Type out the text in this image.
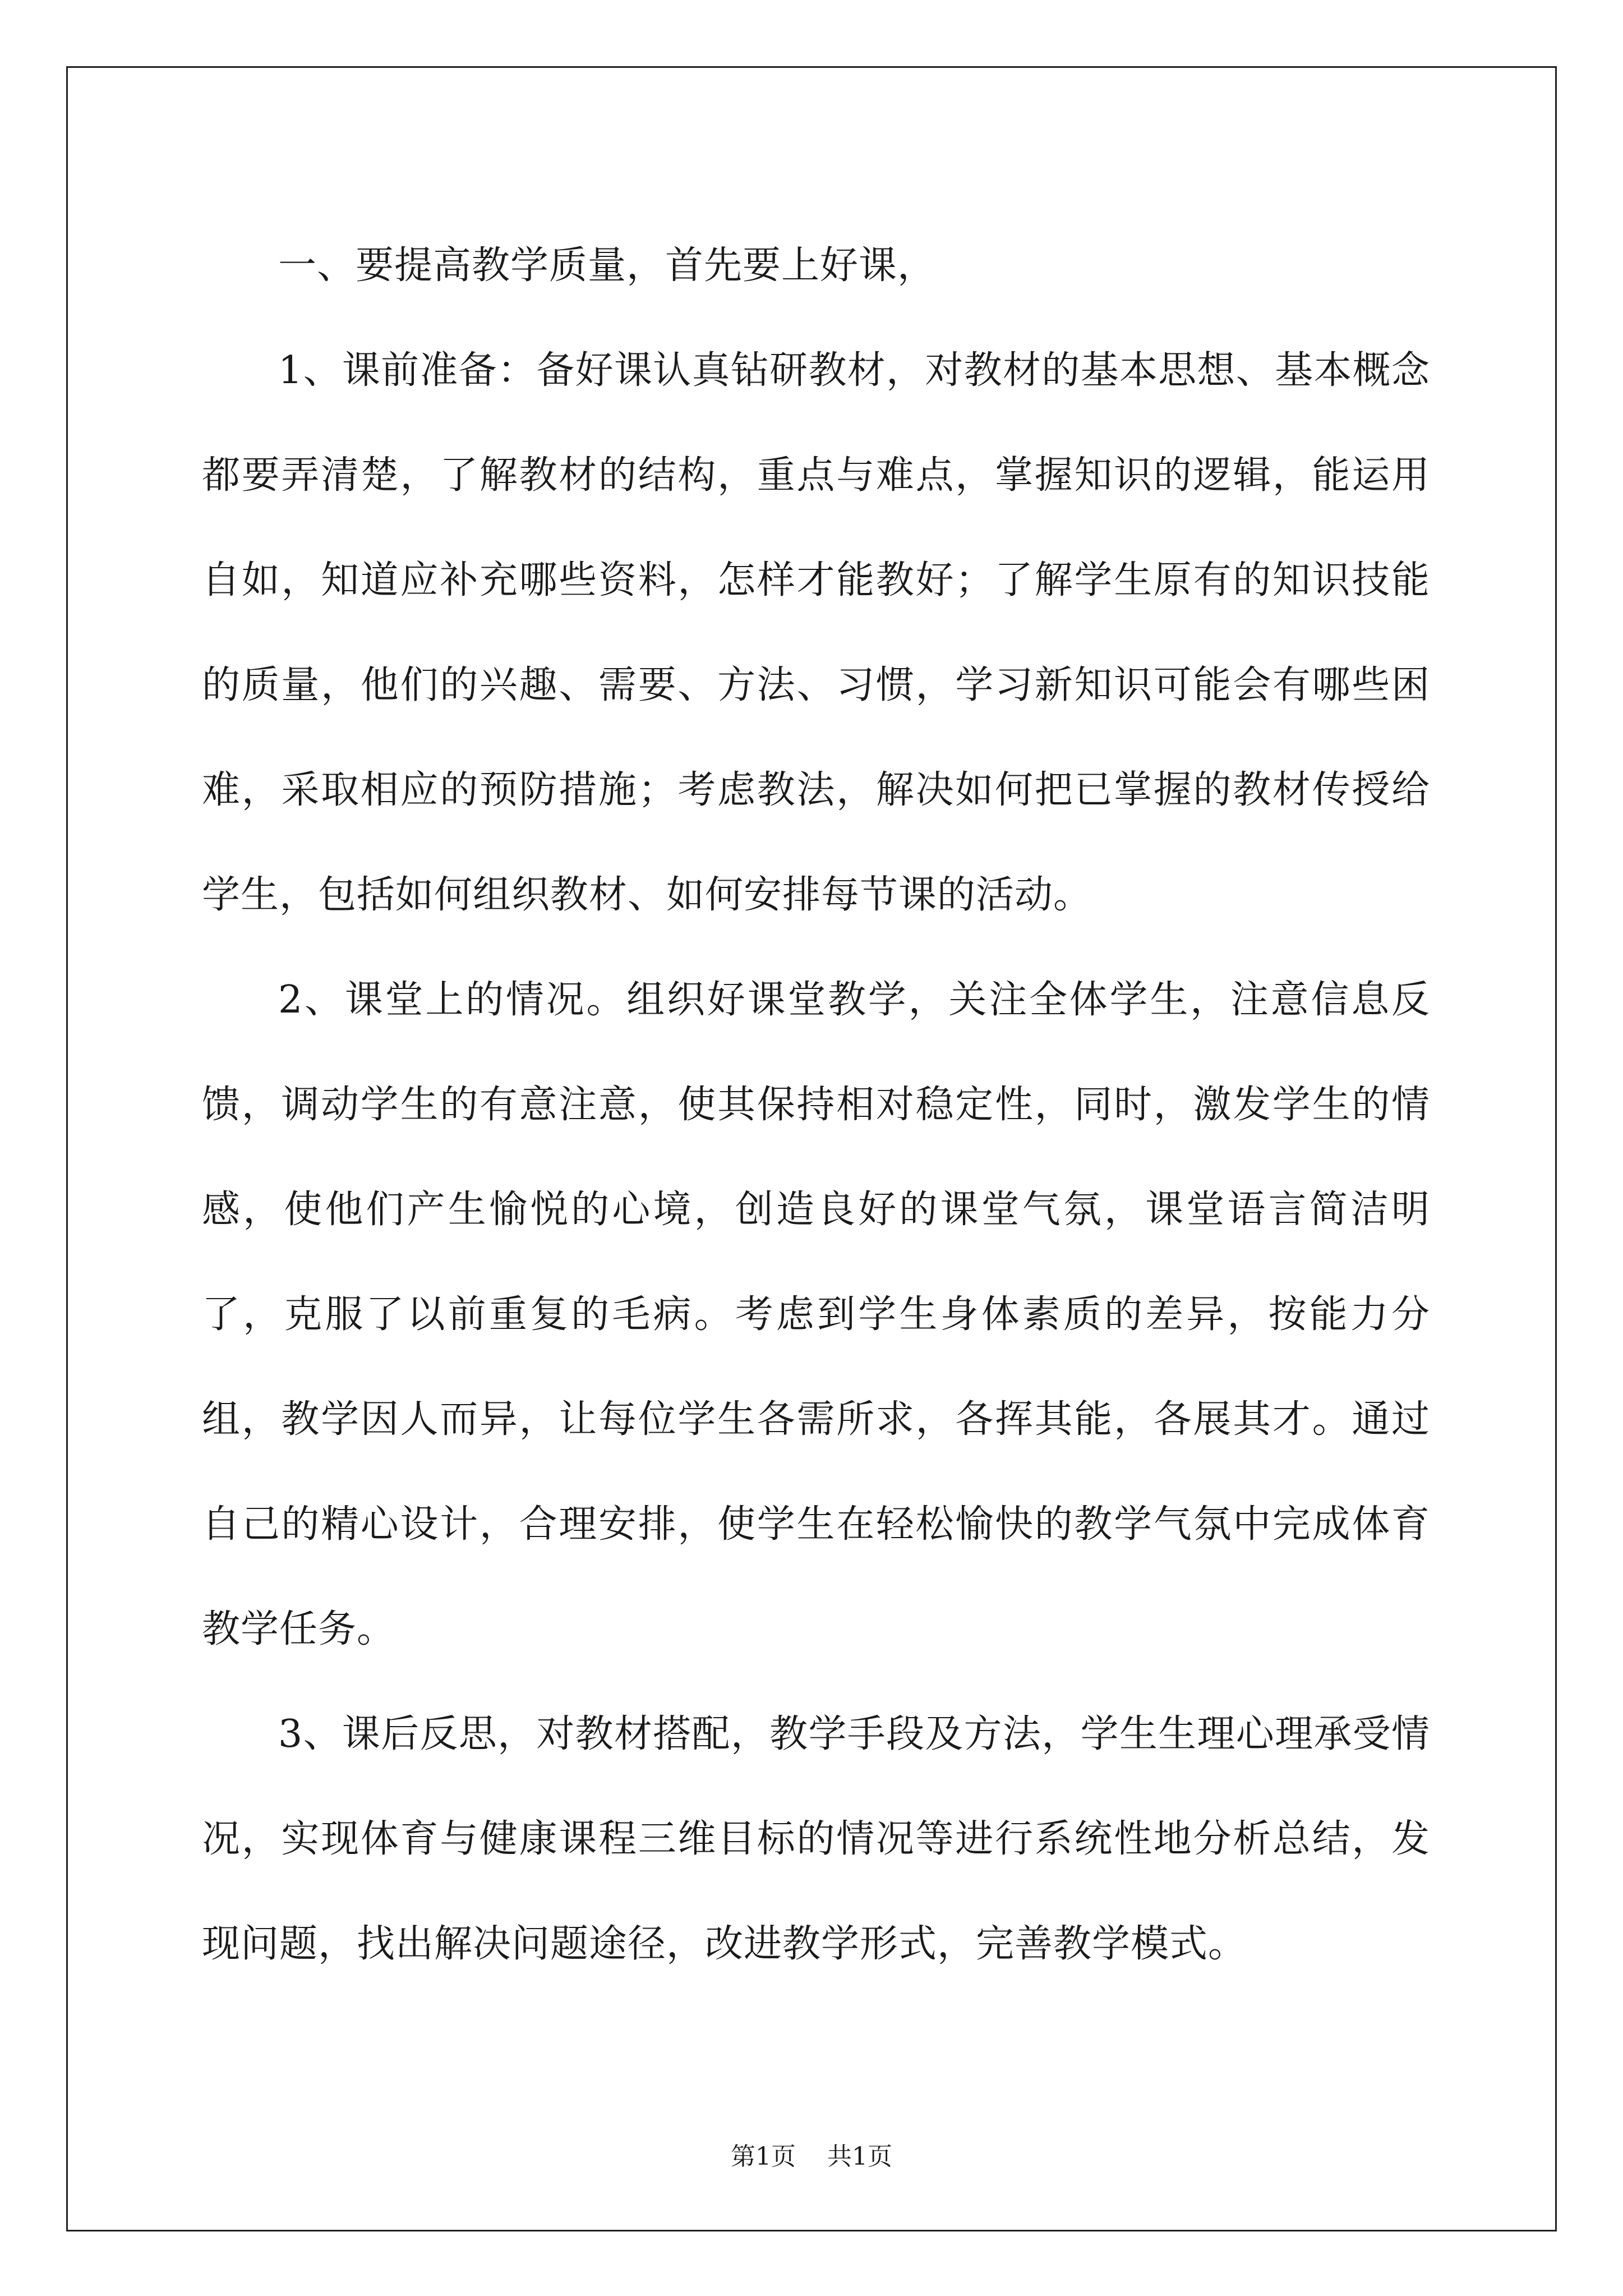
一、要提高教学质量，首先要上好课，

1、课前准备：备好课认真钻研教材，对教材的基本思想、基本概念都要弄清楚，了解教材的结构，重点与难点，掌握知识的逻辑，能运用自如，知道应补充哪些资料，怎样才能教好；了解学生原有的知识技能的质量，他们的兴趣、需要、方法、习惯，学习新知识可能会有哪些困难，采取相应的预防措施；考虑教法，解决如何把已掌握的教材传授给学生，包括如何组织教材、如何安排每节课的活动。

2、课堂上的情况。组织好课堂教学，关注全体学生，注意信息反馈，调动学生的有意注意，使其保持相对稳定性，同时，激发学生的情感，使他们产生愉悦的心境，创造良好的课堂气氛，课堂语言简洁明了，克服了以前重复的毛病。考虑到学生身体素质的差异，按能力分组，教学因人而异，让每位学生各需所求，各挥其能，各展其才。通过自己的精心设计，合理安排，使学生在轻松愉快的教学气氛中完成体育教学任务。

3、课后反思，对教材搭配，教学手段及方法，学生生理心理承受情况，实现体育与健康课程三维目标的情况等进行系统性地分析总结，发现问题，找出解决问题途径，改进教学形式，完善教学模式。

第1页 共1页
